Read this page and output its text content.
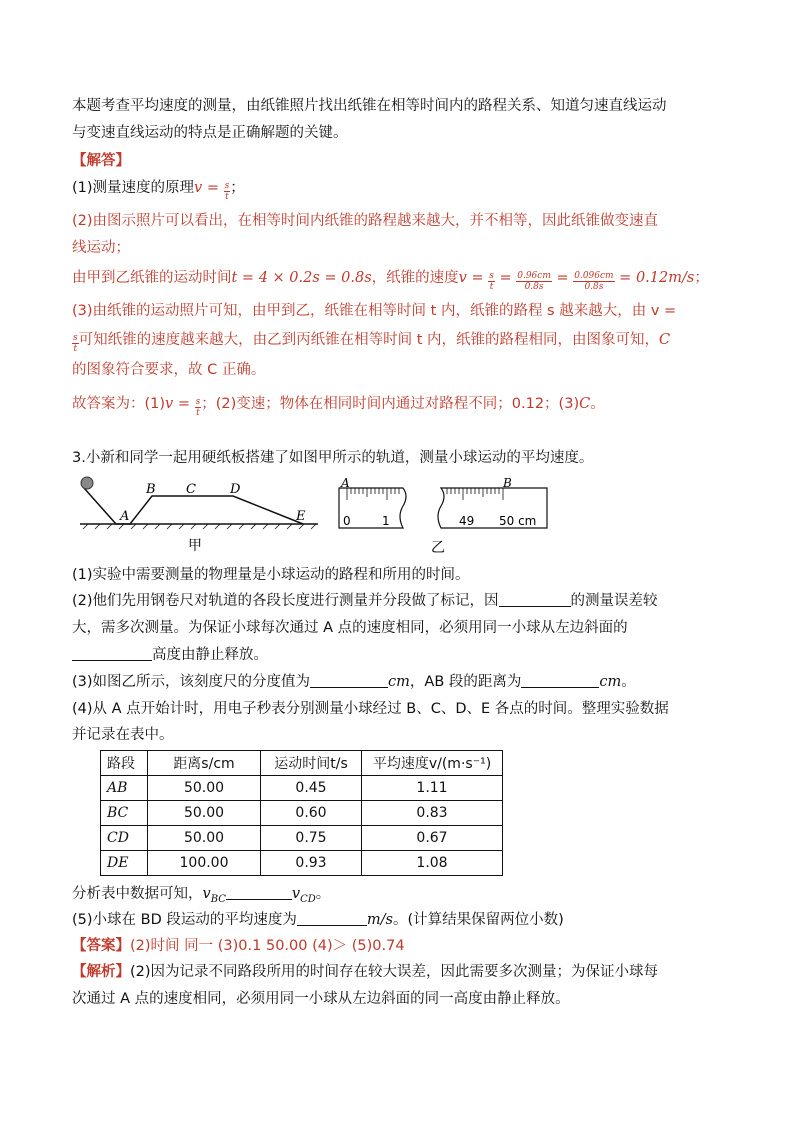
本题考查平均速度的测量，由纸锥照片找出纸锥在相等时间内的路程关系、知道匀速直线运动
与变速直线运动的特点是正确解题的关键。
【解答】
(1)测量速度的原理$v = \frac{s}{t}$ ；
(2)由图示照片可以看出，在相等时间内纸锥的路程越来越大，并不相等，因此纸锥做变速直
线运动；
由甲到乙纸锥的运动时间t = 4 × 0.2s = 0.8s，纸锥的速度$v = \frac{s}{t} = \frac{0.96cm}{0.8s} = \frac{0.096cm}{0.8s} = 0.12m/s$；
(3)由纸锥的运动照片可知，由甲到乙，纸锥在相等时间 t 内，纸锥的路程 s 越来越大，由 v =
$\frac{s}{t}$ 可知纸锥的速度越来越大，由乙到丙纸锥在相等时间 t 内，纸锥的路程相同，由图象可知，C
的图象符合要求，故 C 正确。
故答案为：$(1)v = \frac{s}{t}$ ；(2)变速；物体在相同时间内通过对路程不同；0.12；(3)C。
3.小新和同学一起用硬纸板搭建了如图甲所示的轨道，测量小球运动的平均速度。
A
B C	D
E
甲
A	B
0	1	49 50 cm
乙
(1)实验中需要测量的物理量是小球运动的路程和所用的时间。
(2)他们先用钢卷尺对轨道的各段长度进行测量并分段做了标记，因	的测量误差较
大，需多次测量。为保证小球每次通过 A 点的速度相同，必须用同一小球从左边斜面的
高度由静止释放。
(3)如图乙所示，该刻度尺的分度值为	cm，AB 段的距离为	cm。
(4)从 A 点开始计时，用电子秒表分别测量小球经过 B、C、D、E 各点的时间。整理实验数据
并记录在表中。
路段	距离s/cm	运动时间t/s	平均速度v/(m·s⁻¹)
AB	50.00	0.45	1.11
BC	50.00	0.60	0.83
CD	50.00	0.75	0.67
DE	100.00	0.93	1.08
分析表中数据可知，$v_{BC}$	$v_{CD}$。
(5)小球在 BD 段运动的平均速度为	m/s。(计算结果保留两位小数)
【答案】(2)时间 同一 (3)0.1 50.00 (4)＞ (5)0.74
【解析】(2)因为记录不同路段所用的时间存在较大误差，因此需要多次测量；为保证小球每
次通过 A 点的速度相同，必须用同一小球从左边斜面的同一高度由静止释放。
